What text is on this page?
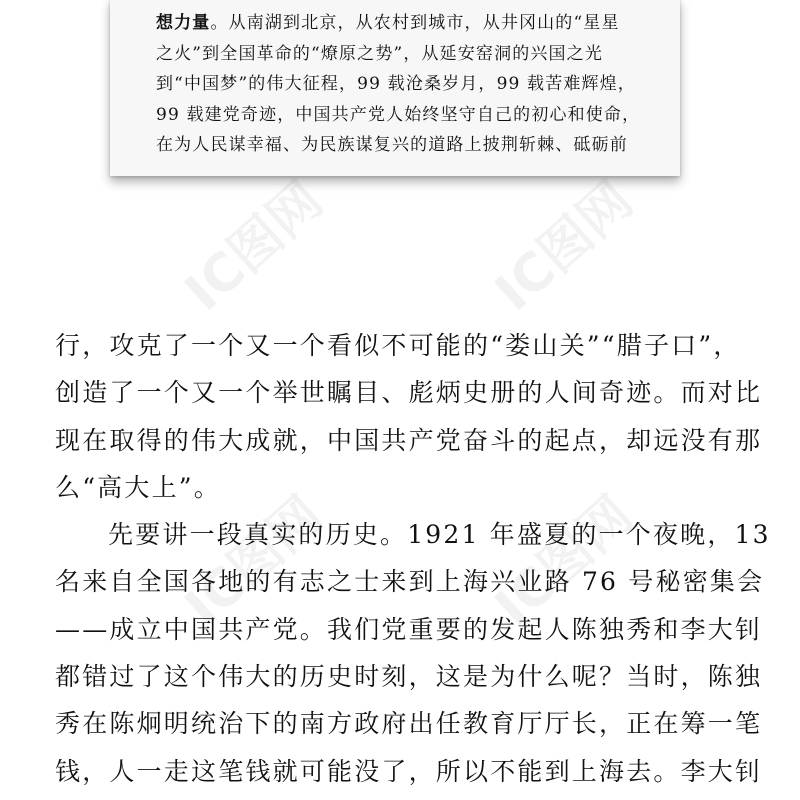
IC图网	IC图网
IC图网	IC图网

想力量。从南湖到北京，从农村到城市，从井冈山的“星星

之火”到全国革命的“燎原之势”，从延安窑洞的兴国之光

到“中国梦”的伟大征程，99 载沧桑岁月，99 载苦难辉煌，

99 载建党奇迹，中国共产党人始终坚守自己的初心和使命，

在为人民谋幸福、为民族谋复兴的道路上披荆斩棘、砥砺前

行，攻克了一个又一个看似不可能的“娄山关”“腊子口”，
创造了一个又一个举世瞩目、彪炳史册的人间奇迹。而对比
现在取得的伟大成就，中国共产党奋斗的起点，却远没有那
么“高大上”。
先要讲一段真实的历史。1921 年盛夏的一个夜晚，13
名来自全国各地的有志之士来到上海兴业路 76 号秘密集会
——成立中国共产党。我们党重要的发起人陈独秀和李大钊
都错过了这个伟大的历史时刻，这是为什么呢？当时，陈独
秀在陈炯明统治下的南方政府出任教育厅厅长，正在筹一笔
钱，人一走这笔钱就可能没了，所以不能到上海去。李大钊
